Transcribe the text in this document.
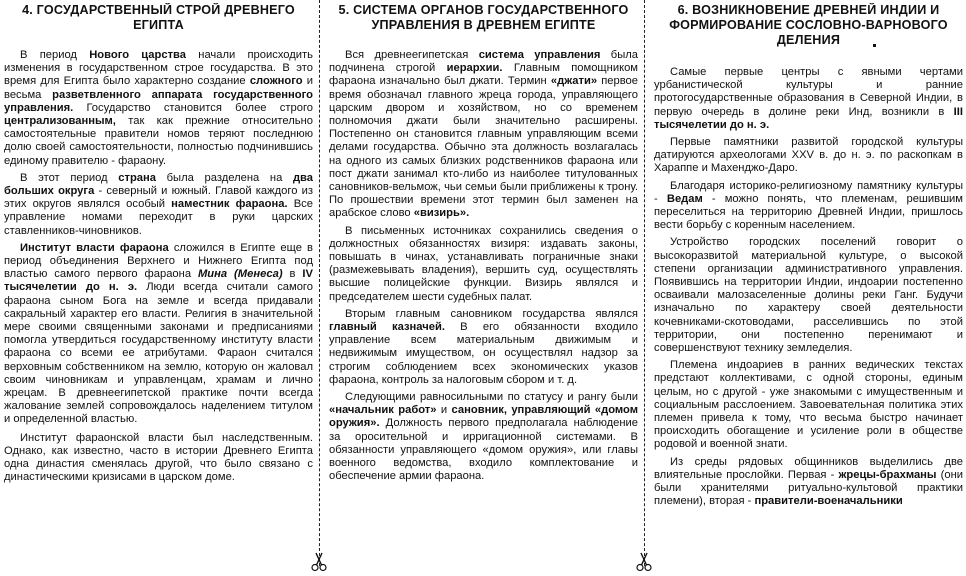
4. ГОСУДАРСТВЕННЫЙ СТРОЙ ДРЕВНЕГО ЕГИПТА

В период Нового царства начали происходить изменения в государственном строе государства. В это время для Египта было характерно создание сложного и весьма разветвленного аппарата государственного управления. Государство становится более строго централизованным, так как прежние относительно самостоятельные правители номов теряют последнюю долю своей самостоятельности, полностью подчинившись единому правителю - фараону.

В этот период страна была разделена на два больших округа - северный и южный. Главой каждого из этих округов являлся особый наместник фараона. Все управление номами переходит в руки царских ставленников-чиновников.

Институт власти фараона сложился в Египте еще в период объединения Верхнего и Нижнего Египта под властью самого первого фараона Мина (Менеса) в IV тысячелетии до н. э. Люди всегда считали самого фараона сыном Бога на земле и всегда придавали сакральный характер его власти. Религия в значительной мере своими священными законами и предписаниями помогла утвердиться государственному институту власти фараона со всеми ее атрибутами. Фараон считался верховным собственником на землю, которую он жаловал своим чиновникам и управленцам, храмам и лично жрецам. В древнеегипетской практике почти всегда жалование землей сопровождалось наделением титулом и определенной властью.

Институт фараонской власти был наследственным. Однако, как известно, часто в истории Древнего Египта одна династия сменялась другой, что было связано с династическими кризисами в царском доме.

5. СИСТЕМА ОРГАНОВ ГОСУДАРСТВЕННОГО УПРАВЛЕНИЯ В ДРЕВНЕМ ЕГИПТЕ

Вся древнеегипетская система управления была подчинена строгой иерархии. Главным помощником фараона изначально был джати. Термин «джати» первое время обозначал главного жреца города, управляющего царским двором и хозяйством, но со временем полномочия джати были значительно расширены. Постепенно он становится главным управляющим всеми делами государства. Обычно эта должность возлагалась на одного из самых близких родственников фараона или пост джати занимал кто-либо из наиболее титулованных сановников-вельмож, чьи семьи были приближены к трону. По прошествии времени этот термин был заменен на арабское слово «визирь».

В письменных источниках сохранились сведения о должностных обязанностях визиря: издавать законы, повышать в чинах, устанавливать пограничные знаки (размежевывать владения), вершить суд, осуществлять высшие полицейские функции. Визирь являлся и председателем шести судебных палат.

Вторым главным сановником государства являлся главный казначей. В его обязанности входило управление всем материальным движимым и недвижимым имуществом, он осуществлял надзор за строгим соблюдением всех экономических указов фараона, контроль за налоговым сбором и т. д.

Следующими равносильными по статусу и рангу были «начальник работ» и сановник, управляющий «домом оружия». Должность первого предполагала наблюдение за оросительной и ирригационной системами. В обязанности управляющего «домом оружия», или главы военного ведомства, входило комплектование и обеспечение армии фараона.

6. ВОЗНИКНОВЕНИЕ ДРЕВНЕЙ ИНДИИ И ФОРМИРОВАНИЕ СОСЛОВНО-ВАРНОВОГО ДЕЛЕНИЯ

Самые первые центры с явными чертами урбанистической культуры и ранние протогосударственные образования в Северной Индии, в первую очередь в долине реки Инд, возникли в III тысячелетии до н. э.

Первые памятники развитой городской культуры датируются археологами XXV в. до н. э. по раскопкам в Хараппе и Махенджо-Даро.

Благодаря историко-религиозному памятнику культуры - Ведам - можно понять, что племенам, решившим переселиться на территорию Древней Индии, пришлось вести борьбу с коренным населением.

Устройство городских поселений говорит о высокоразвитой материальной культуре, о высокой степени организации административного управления. Появившись на территории Индии, индоарии постепенно осваивали малозаселенные долины реки Ганг. Будучи изначально по характеру своей деятельности кочевниками-скотоводами, расселившись по этой территории, они постепенно перенимают и совершенствуют технику земледелия.

Племена индоариев в ранних ведических текстах предстают коллективами, с одной стороны, единым целым, но с другой - уже знакомыми с имущественным и социальным расслоением. Завоевательная политика этих племен привела к тому, что весьма быстро начинает происходить обогащение и усиление роли в обществе родовой и военной знати.

Из среды рядовых общинников выделились две влиятельные прослойки. Первая - жрецы-брахманы (они были хранителями ритуально-культовой практики племени), вторая - правители-военачальники
